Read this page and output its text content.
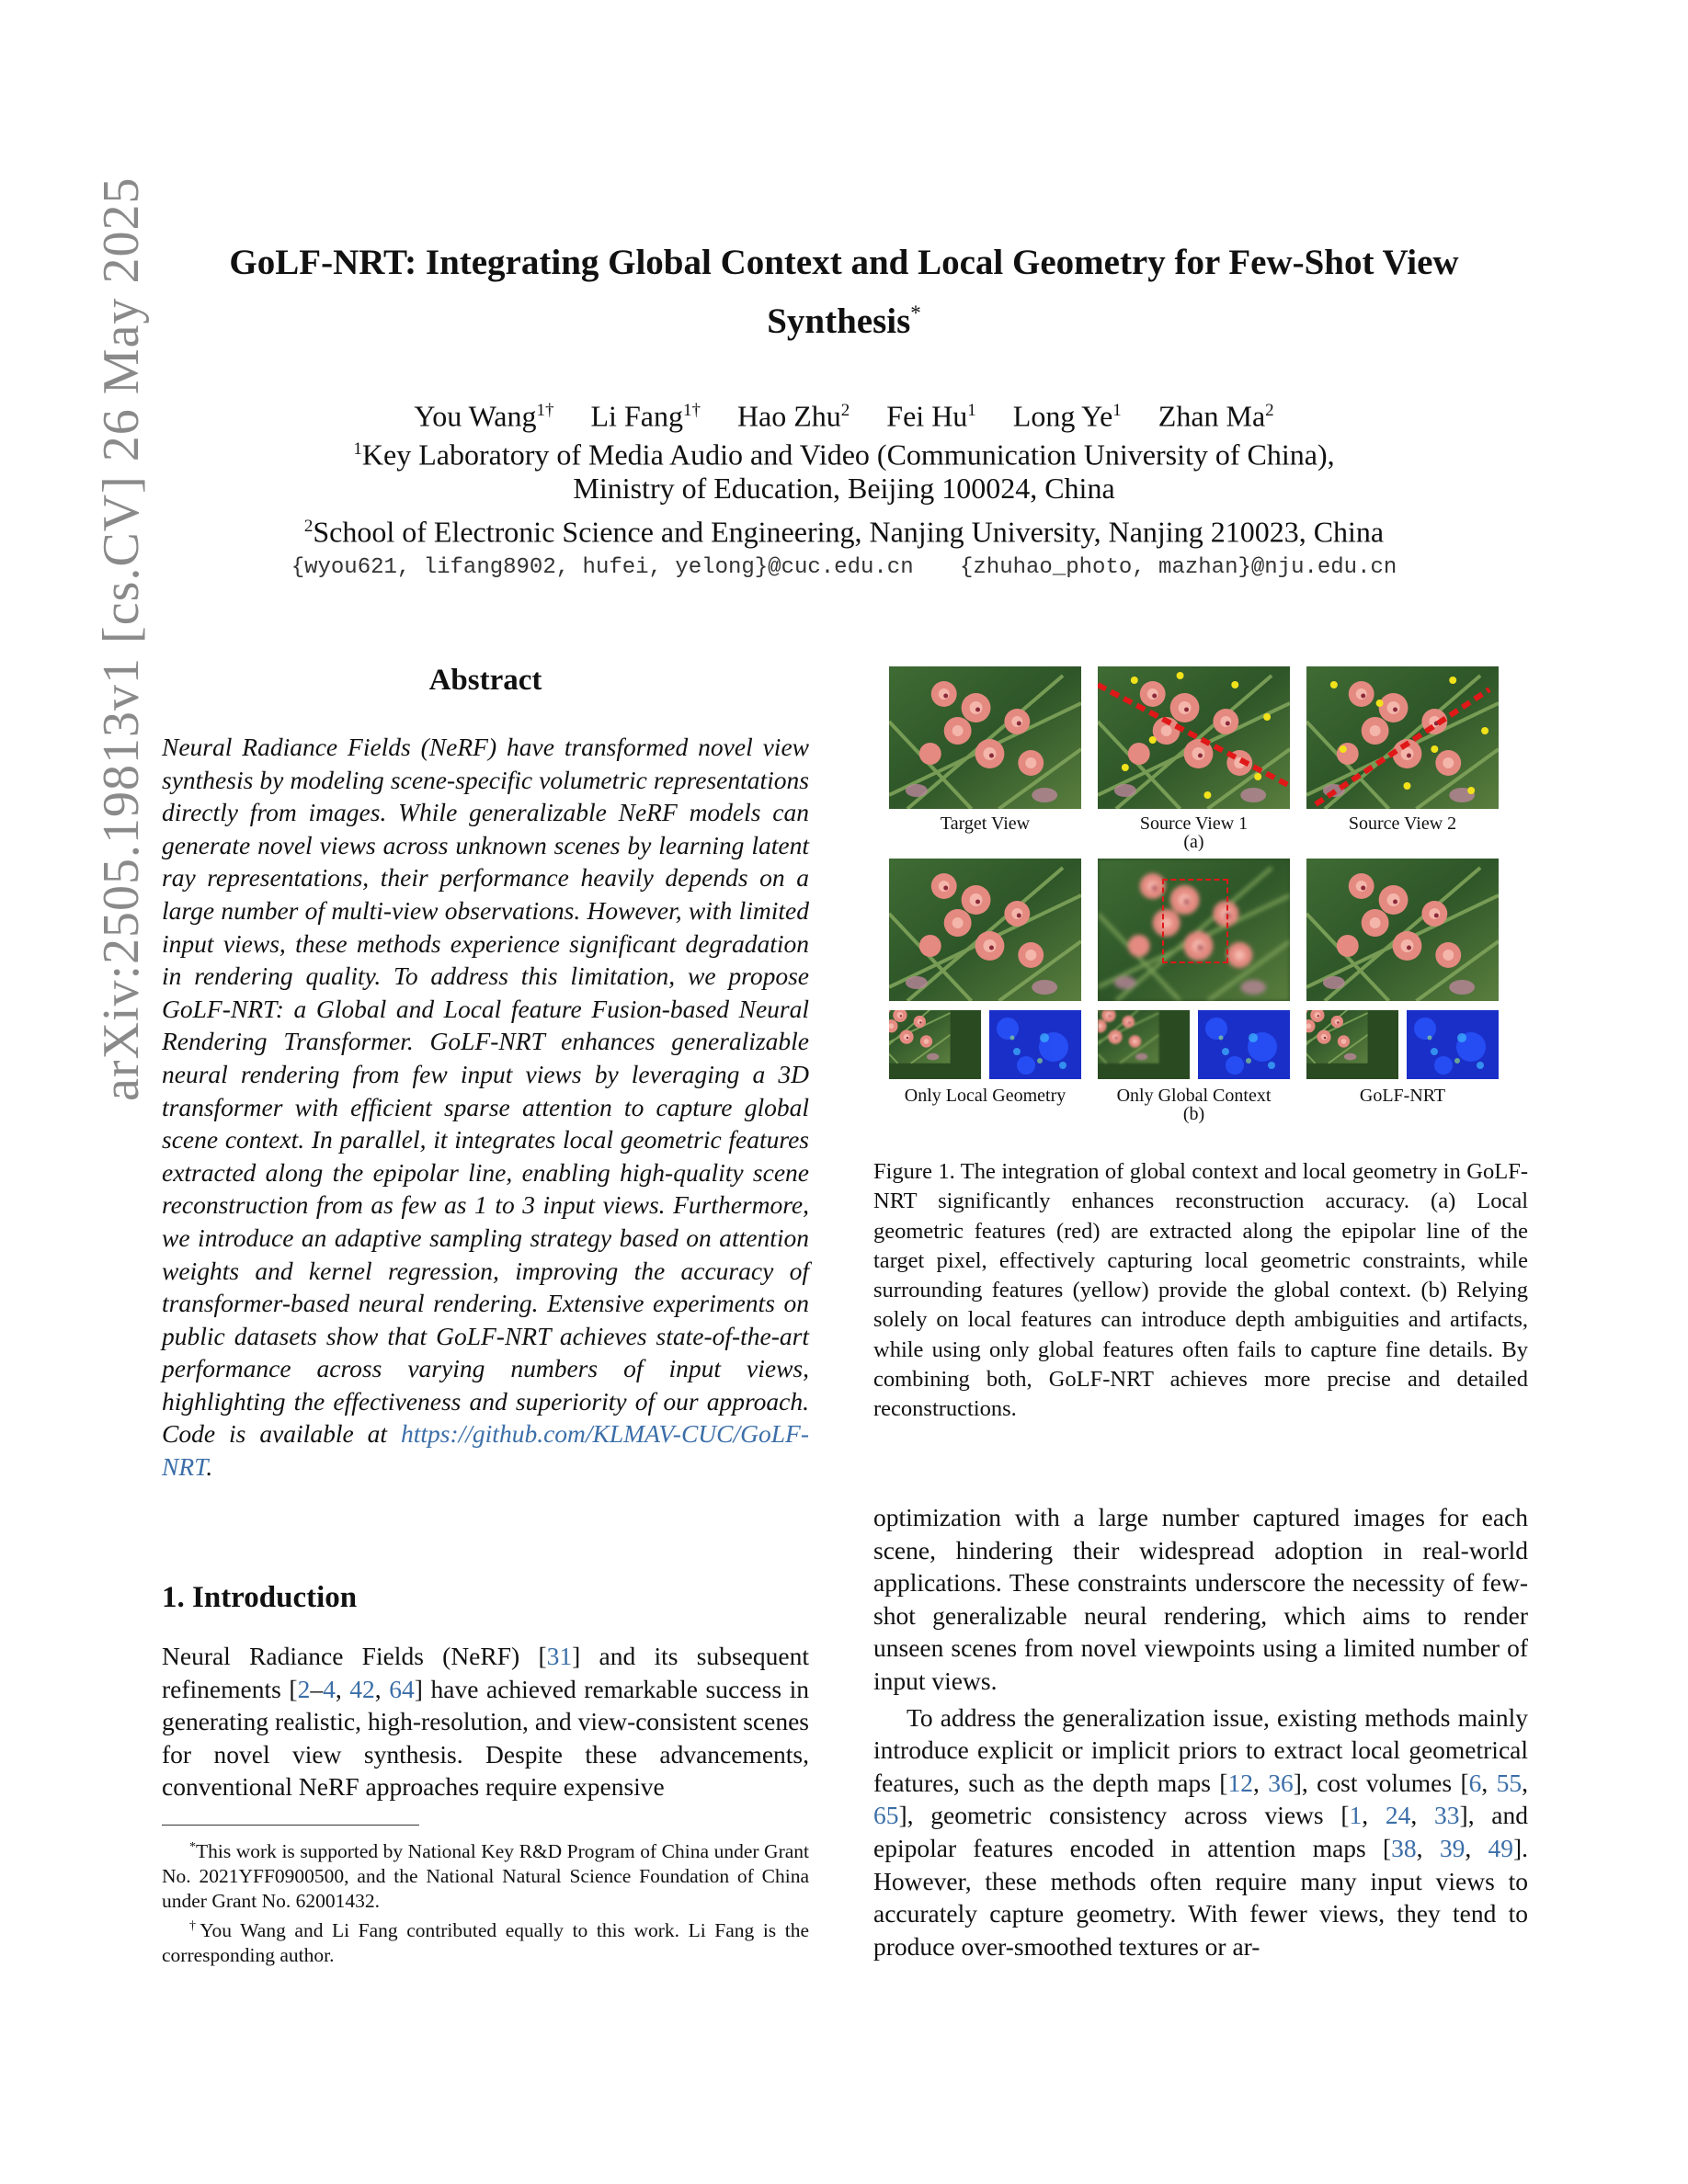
arXiv:2505.19813v1 [cs.CV] 26 May 2025	GoLF-NRT: Integrating Global Context and Local Geometry for Few-Shot View
Synthesis*
You Wang$^{1\dagger}$ Li Fang$^{1\dagger}$ Hao Zhu$^2$ Fei Hu$^1$ Long Ye$^1$ Zhan Ma$^2$
$^1$Key Laboratory of Media Audio and Video (Communication University of China),
Ministry of Education, Beijing 100024, China
$^2$School of Electronic Science and Engineering, Nanjing University, Nanjing 210023, China
{wyou621, lifang8902, hufei, yelong}@cuc.edu.cn {zhuhao_photo, mazhan}@nju.edu.cn
Abstract
Neural Radiance Fields (NeRF) have transformed novel view synthesis by modeling scene-specific volumetric representations directly from images. While generalizable NeRF models can generate novel views across unknown scenes by learning latent ray representations, their performance heavily depends on a large number of multi-view observations. However, with limited input views, these methods experience significant degradation in rendering quality. To address this limitation, we propose GoLF-NRT: a Global and Local feature Fusion-based Neural Rendering Transformer. GoLF-NRT enhances generalizable neural rendering from few input views by leveraging a 3D transformer with efficient sparse attention to capture global scene context. In parallel, it integrates local geometric features extracted along the epipolar line, enabling high-quality scene reconstruction from as few as 1 to 3 input views. Furthermore, we introduce an adaptive sampling strategy based on attention weights and kernel regression, improving the accuracy of transformer-based neural rendering. Extensive experiments on public datasets show that GoLF-NRT achieves state-of-the-art performance across varying numbers of input views, highlighting the effectiveness and superiority of our approach. Code is available at https://github.com/KLMAV-CUC/GoLF-NRT.
1. Introduction
Neural Radiance Fields (NeRF) [31] and its subsequent refinements [2–4, 42, 64] have achieved remarkable success in generating realistic, high-resolution, and view-consistent scenes for novel view synthesis. Despite these advancements, conventional NeRF approaches require expensive

*This work is supported by National Key R&D Program of China under Grant No. 2021YFF0900500, and the National Natural Science Foundation of China under Grant No. 62001432.

†You Wang and Li Fang contributed equally to this work. Li Fang is the corresponding author.

Target View	Source View 1	Source View 2
(a)
Only Local Geometry	Only Global Context	GoLF-NRT
(b)
Figure 1. The integration of global context and local geometry in GoLF-NRT significantly enhances reconstruction accuracy. (a) Local geometric features (red) are extracted along the epipolar line of the target pixel, effectively capturing local geometric constraints, while surrounding features (yellow) provide the global context. (b) Relying solely on local features can introduce depth ambiguities and artifacts, while using only global features often fails to capture fine details. By combining both, GoLF-NRT achieves more precise and detailed reconstructions.

optimization with a large number captured images for each scene, hindering their widespread adoption in real-world applications. These constraints underscore the necessity of few-shot generalizable neural rendering, which aims to render unseen scenes from novel viewpoints using a limited number of input views.

To address the generalization issue, existing methods mainly introduce explicit or implicit priors to extract local geometrical features, such as the depth maps [12, 36], cost volumes [6, 55, 65], geometric consistency across views [1, 24, 33], and epipolar features encoded in attention maps [38, 39, 49]. However, these methods often require many input views to accurately capture geometry. With fewer views, they tend to produce over-smoothed textures or ar-
